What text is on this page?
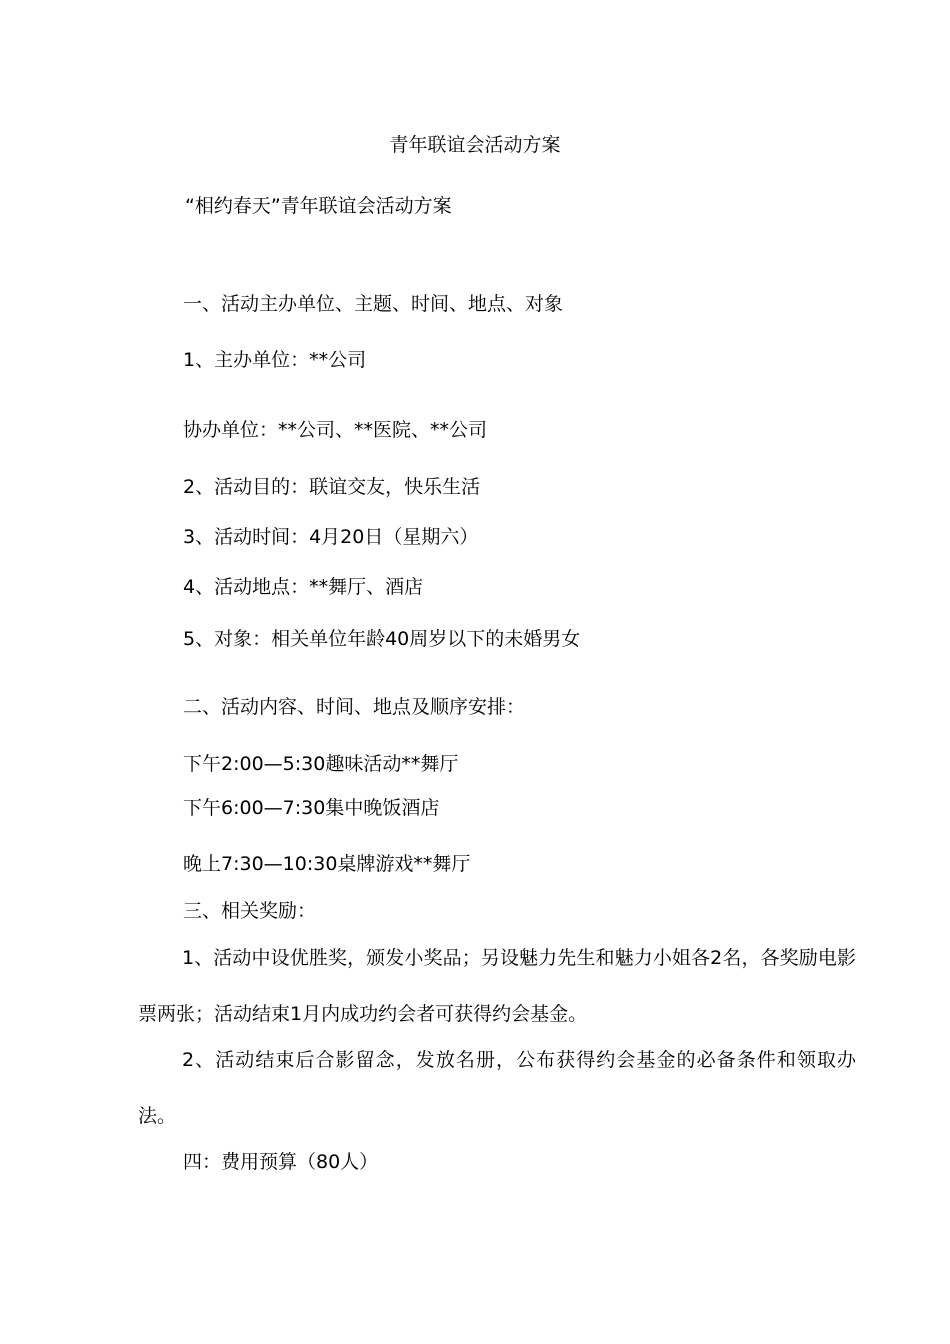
青年联谊会活动方案
“相约春天”青年联谊会活动方案
一、活动主办单位、主题、时间、地点、对象
1、主办单位：**公司
协办单位：**公司、**医院、**公司
2、活动目的：联谊交友，快乐生活
3、活动时间：4月20日（星期六）
4、活动地点：**舞厅、酒店
5、对象：相关单位年龄40周岁以下的未婚男女
二、活动内容、时间、地点及顺序安排：
下午2:00—5:30趣味活动**舞厅
下午6:00—7:30集中晚饭酒店
晚上7:30—10:30桌牌游戏**舞厅
三、相关奖励：
1、活动中设优胜奖，颁发小奖品；另设魅力先生和魅力小姐各2名，各奖励电影票两张；活动结束1月内成功约会者可获得约会基金。
2、活动结束后合影留念，发放名册，公布获得约会基金的必备条件和领取办法。
四：费用预算（80人）
